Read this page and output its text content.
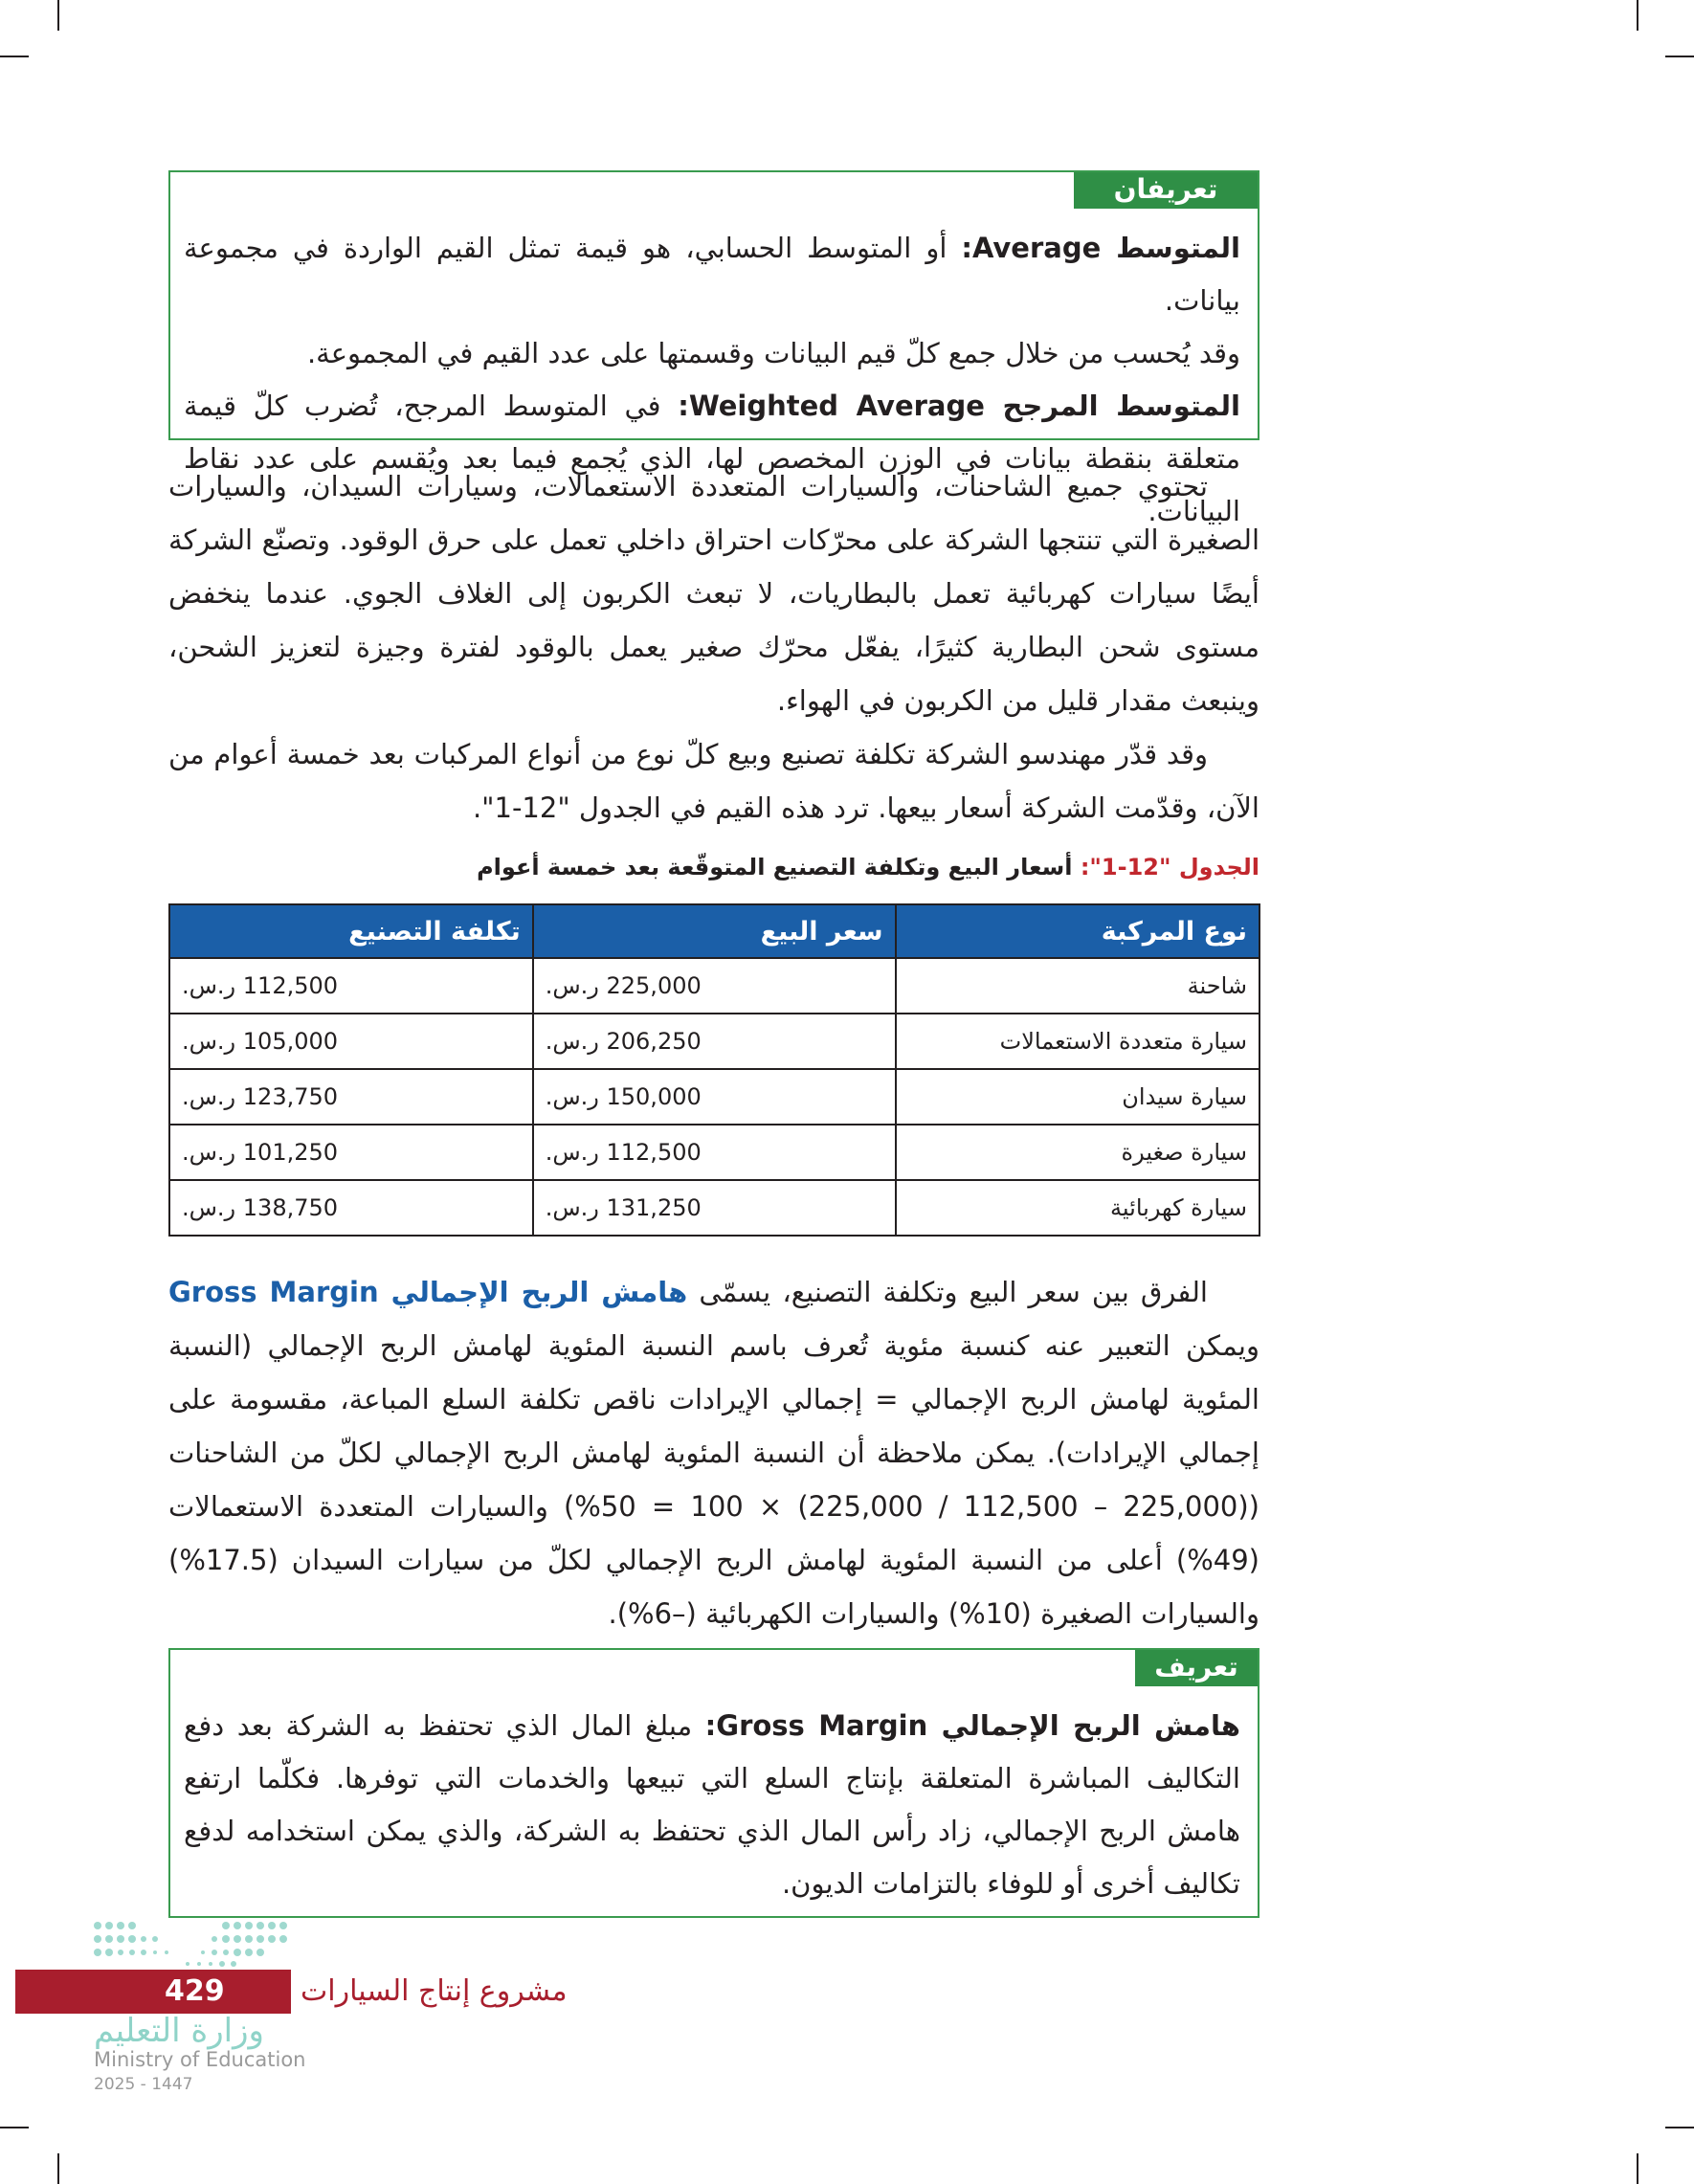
تعريفان

المتوسط Average: أو المتوسط الحسابي، هو قيمة تمثل القيم الواردة في مجموعة بيانات.

وقد يُحسب من خلال جمع كلّ قيم البيانات وقسمتها على عدد القيم في المجموعة.

المتوسط المرجح Weighted Average: في المتوسط المرجح، تُضرب كلّ قيمة متعلقة بنقطة بيانات في الوزن المخصص لها، الذي يُجمع فيما بعد ويُقسم على عدد نقاط البيانات.

تحتوي جميع الشاحنات، والسيارات المتعددة الاستعمالات، وسيارات السيدان، والسيارات الصغيرة التي تنتجها الشركة على محرّكات احتراق داخلي تعمل على حرق الوقود. وتصنّع الشركة أيضًا سيارات كهربائية تعمل بالبطاريات، لا تبعث الكربون إلى الغلاف الجوي. عندما ينخفض مستوى شحن البطارية كثيرًا، يفعّل محرّك صغير يعمل بالوقود لفترة وجيزة لتعزيز الشحن، وينبعث مقدار قليل من الكربون في الهواء.

وقد قدّر مهندسو الشركة تكلفة تصنيع وبيع كلّ نوع من أنواع المركبات بعد خمسة أعوام من الآن، وقدّمت الشركة أسعار بيعها. ترد هذه القيم في الجدول "12-1".

الجدول "12-1": أسعار البيع وتكلفة التصنيع المتوقّعة بعد خمسة أعوام
نوع المركبة	سعر البيع	تكلفة التصنيع
شاحنة	225,000 ر.س.	112,500 ر.س.
سيارة متعددة الاستعمالات	206,250 ر.س.	105,000 ر.س.
سيارة سيدان	150,000 ر.س.	123,750 ر.س.
سيارة صغيرة	112,500 ر.س.	101,250 ر.س.
سيارة كهربائية	131,250 ر.س.	138,750 ر.س.

الفرق بين سعر البيع وتكلفة التصنيع، يسمّى هامش الربح الإجمالي Gross Margin ويمكن التعبير عنه كنسبة مئوية تُعرف باسم النسبة المئوية لهامش الربح الإجمالي (النسبة المئوية لهامش الربح الإجمالي = إجمالي الإيرادات ناقص تكلفة السلع المباعة، مقسومة على إجمالي الإيرادات). يمكن ملاحظة أن النسبة المئوية لهامش الربح الإجمالي لكلّ من الشاحنات ((225,000 – 112,500 / 225,000) × 100 = 50%) والسيارات المتعددة الاستعمالات (49%) أعلى من النسبة المئوية لهامش الربح الإجمالي لكلّ من سيارات السيدان (17.5%) والسيارات الصغيرة (10%) والسيارات الكهربائية (–6%).

تعريف

هامش الربح الإجمالي Gross Margin: مبلغ المال الذي تحتفظ به الشركة بعد دفع التكاليف المباشرة المتعلقة بإنتاج السلع التي تبيعها والخدمات التي توفرها. فكلّما ارتفع هامش الربح الإجمالي، زاد رأس المال الذي تحتفظ به الشركة، والذي يمكن استخدامه لدفع تكاليف أخرى أو للوفاء بالتزامات الديون.

429	مشروع إنتاج السيارات
وزارة التعليم
Ministry of Education
2025 - 1447
